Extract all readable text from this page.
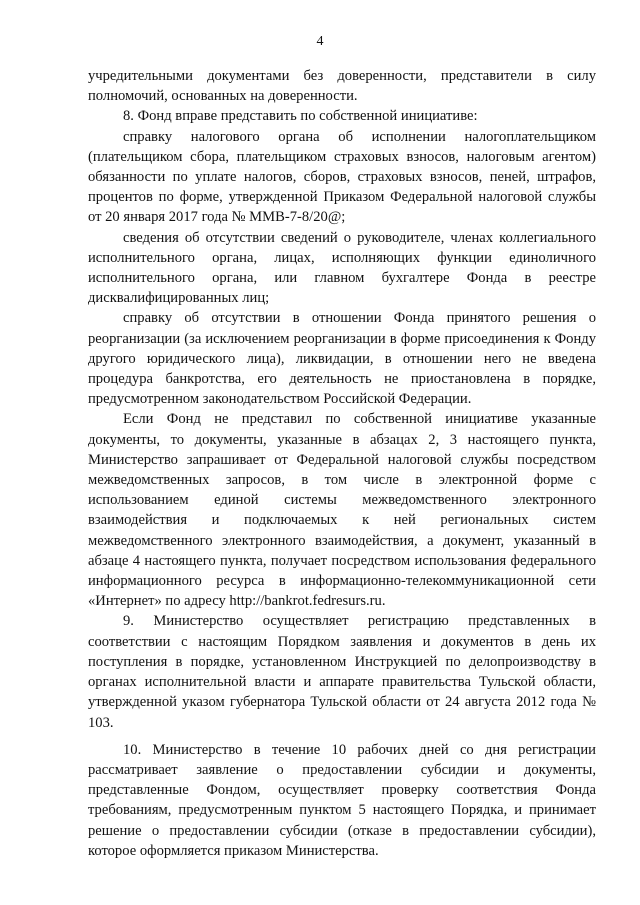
4

учредительными документами без доверенности, представители в силу полномочий, основанных на доверенности.

8. Фонд вправе представить по собственной инициативе:

справку налогового органа об исполнении налогоплательщиком (плательщиком сбора, плательщиком страховых взносов, налоговым агентом) обязанности по уплате налогов, сборов, страховых взносов, пеней, штрафов, процентов по форме, утвержденной Приказом Федеральной налоговой службы от 20 января 2017 года № ММВ-7-8/20@;

сведения об отсутствии сведений о руководителе, членах коллегиального исполнительного органа, лицах, исполняющих функции единоличного исполнительного органа, или главном бухгалтере Фонда в реестре дисквалифицированных лиц;

справку об отсутствии в отношении Фонда принятого решения о реорганизации (за исключением реорганизации в форме присоединения к Фонду другого юридического лица), ликвидации, в отношении него не введена процедура банкротства, его деятельность не приостановлена в порядке, предусмотренном законодательством Российской Федерации.

Если Фонд не представил по собственной инициативе указанные документы, то документы, указанные в абзацах 2, 3 настоящего пункта, Министерство запрашивает от Федеральной налоговой службы посредством межведомственных запросов, в том числе в электронной форме с использованием единой системы межведомственного электронного взаимодействия и подключаемых к ней региональных систем межведомственного электронного взаимодействия, а документ, указанный в абзаце 4 настоящего пункта, получает посредством использования федерального информационного ресурса в информационно-телекоммуникационной сети «Интернет» по адресу http://bankrot.fedresurs.ru.

9. Министерство осуществляет регистрацию представленных в соответствии с настоящим Порядком заявления и документов в день их поступления в порядке, установленном Инструкцией по делопроизводству в органах исполнительной власти и аппарате правительства Тульской области, утвержденной указом губернатора Тульской области от 24 августа 2012 года № 103.

10. Министерство в течение 10 рабочих дней со дня регистрации рассматривает заявление о предоставлении субсидии и документы, представленные Фондом, осуществляет проверку соответствия Фонда требованиям, предусмотренным пунктом 5 настоящего Порядка, и принимает решение о предоставлении субсидии (отказе в предоставлении субсидии), которое оформляется приказом Министерства.
